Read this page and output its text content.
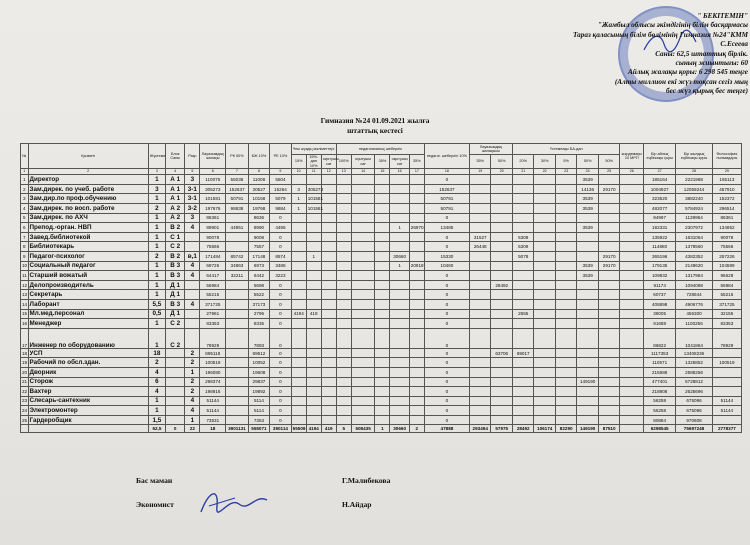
" БЕКІТЕМІН"
"Жамбыл облысы әкімдігінің білім басқармасы
Тараз қаласының білім бөлімінің Гимназия №24"КММ
С.Есеева
Саны: 62,5 штаттық бірлік.
сының жиынтығы: 60
Айлық жалақы қоры: 6 298 545 теңге
(Алты миллион екі жүз тоқсан сегіз мың
бес жүз қырық бес теңге)
Гимназия №24 01.09.2021 жылға
штаттық кестесі
№	Қызметі	Жүктеме	Блок Саны	Разр	Лауазымдық жалақы	РК 50%	БЖ 10%	РЕ 10%	Ұлы жүздің мәліметтері			педагогикалық шеберлік					педагог. шеберлігі 10%	Лауазымдық жалақысы		Үстемеақы БА-дан					жәрдемақы 10 МРП	Бір айлық еңбекақы қоры	Бір жылдық еңбекақы қоры	Философия ғылымдары
									15%	15%-дан 10%	оқытушы сағ	100%	оқытушы сағ	35%	оқытушы сағ	35%		35%	50%	20%	30%	5%	50%	50%				
1	2	3	4	5	6	7	8	9	10	11	12	13	14	15	16	17	18	19	20	21	22	23	24	25	26	27	28	29
1	Директор	1	А 1	3	110075	55038	11008	5504									0						3539			185164	2221968	165113
2	Зам.дирек. по учеб. работе	3	А 1	3-1	305273	152637	30527	15264	3	305273							152637						14136	29170		1004927	12059244	457910
3	Зам.дир.по проф.обучению	1	А 1	3-1	101581	50791	10158	5079	1	101581							50791						3539			323520	3882240	152372
4	Зам.дирек. по восп. работе	2	А 2	3-2	197676	98838	19768	9884	1	101581							50791						3539			482077	5784924	296514
5	Зам.дирек. по АХЧ	1	А 2	3	86361		8636	0									0									94997	1139964	86361
6	Препод.-орган. НВП	1	В 2	4	89901	44951	8990	4495							1	26970	13485						3539			192331	2307972	134852
7	Завед.библиотекой	1	С 1		90078		9008	0									0	31527		5309						135922	1631064	90078
8	Библиотекарь	1	С 2		75566		7557	0									0	26448		5309						114880	1378560	75566
9	Педагог-психолог	2	В 2	в,1	171484	85742	17148	8574		1					30660		15330			5078				29170		365196	4382352	257226
10	Социальный педагог	1	В 3	4	69726	34863	6973	3486							1	20918	10460						3539	29170		179135	2149620	104589
11	Старший вожатый	1	В 3	4	64417	32211	6442	3223									0						3539			109832	1317984	96628
12	Делопроизводитель	1	Д 1		56984		5698	0									0		28492							91174	1094088	56984
13	Секретарь	1	Д 1		55215		5522	0									0									60737	728844	55215
14	Лаборант	5,5	В 3	4	371725		37173	0									0									408898	4906776	371725
15	Мл.мед.персонал	0,5	Д 1		27961		2796	0	4194	419							0			2655						38005	456300	32155
16	Менеджер	1	С 2		83353		8335	0									0									91688	1100256	83353
17	Инженер по оборудованию	1	С 2		78929		7893	0									0									86822	1041864	78929
18	УСП	18		2	895118		89512	0									0		63706	69017						1117353	13408236	
19	Рабочий по обсл.здан.	2		2	100519		10052	0									0									110571	1326852	100519
20	Дворник	4		1	196080		19608	0									0									215688	2588256	
21	Сторож	6		2	298374		29837	0									0						149190			477401	5728812	
22	Вахтер	4		2	198916		19892	0									0									218808	2625696	
23	Слесарь-сантехник	1		4	51144		5114	0									0									56258	675096	51144
24	Электромонтер	1		4	51144		5114	0									0									56258	675096	51144
25	Гардеробщик	1,5		1	73531		7353	0									0									80884	970608	
		62,5	0	22	18	3901131	555071	390114	55509	4194	419	5	508435	1	30660	2	47888	293494	57975	28492	106174	82290	149190	87510		6298545	75697248	2778377
Бас маман	Г.Малибекова
Экономист	Н.Айдар
